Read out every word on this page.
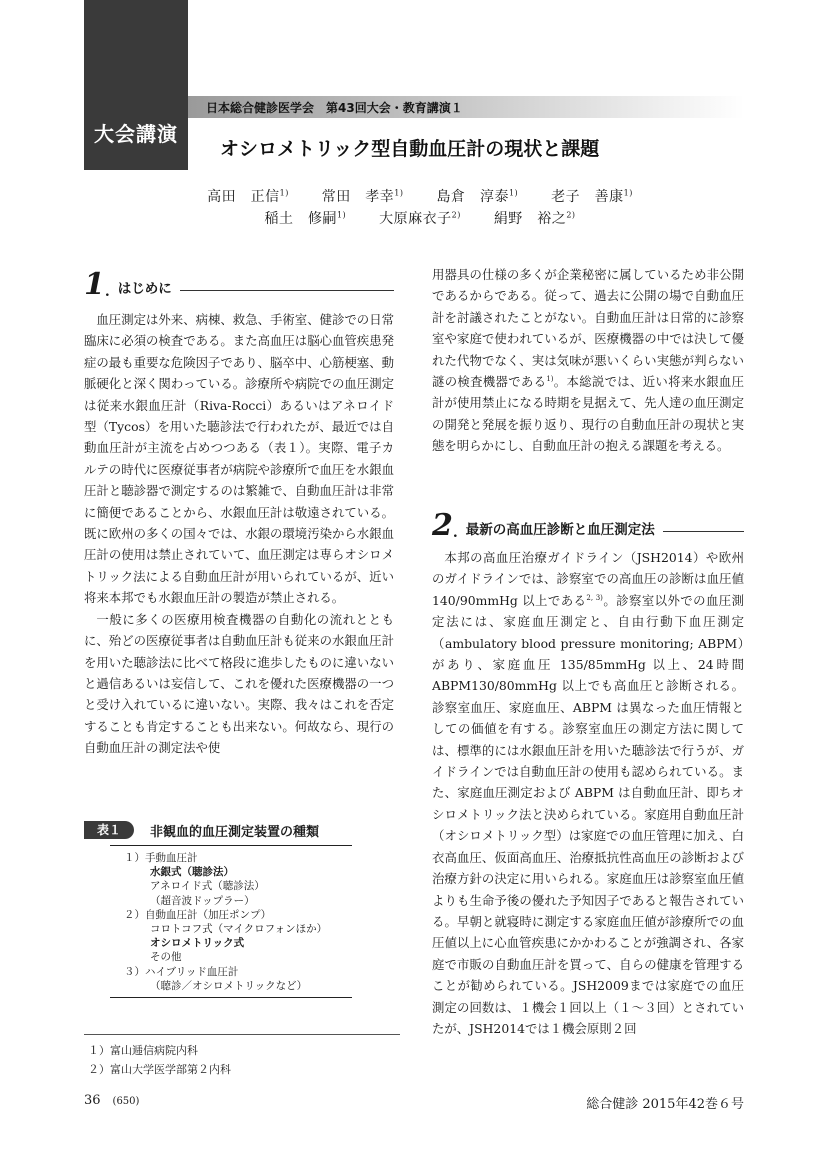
大会講演
日本総合健診医学会　第43回大会・教育講演１
オシロメトリック型自動血圧計の現状と課題
高田　正信$^{1)}$ 常田　孝幸$^{1)}$ 島倉　淳泰$^{1)}$ 老子　善康$^{1)}$
稲土　修嗣$^{1)}$ 大原麻衣子$^{2)}$ 絹野　裕之$^{2)}$
1 . はじめに

血圧測定は外来、病棟、救急、手術室、健診での日常臨床に必須の検査である。また高血圧は脳心血管疾患発症の最も重要な危険因子であり、脳卒中、心筋梗塞、動脈硬化と深く関わっている。診療所や病院での血圧測定は従来水銀血圧計（Riva-Rocci）あるいはアネロイド型（Tycos）を用いた聴診法で行われたが、最近では自動血圧計が主流を占めつつある（表１）。実際、電子カルテの時代に医療従事者が病院や診療所で血圧を水銀血圧計と聴診器で測定するのは繁雑で、自動血圧計は非常に簡便であることから、水銀血圧計は敬遠されている。既に欧州の多くの国々では、水銀の環境汚染から水銀血圧計の使用は禁止されていて、血圧測定は専らオシロメトリック法による自動血圧計が用いられているが、近い将来本邦でも水銀血圧計の製造が禁止される。

一般に多くの医療用検査機器の自動化の流れとともに、殆どの医療従事者は自動血圧計も従来の水銀血圧計を用いた聴診法に比べて格段に進歩したものに違いないと過信あるいは妄信して、これを優れた医療機器の一つと受け入れているに違いない。実際、我々はこれを否定することも肯定することも出来ない。何故なら、現行の自動血圧計の測定法や使

表１	非観血的血圧測定装置の種類
１）手動血圧計
水銀式（聴診法）
アネロイド式（聴診法）
（超音波ドップラー）
２）自動血圧計（加圧ポンプ）
コロトコフ式（マイクロフォンほか）
オシロメトリック式
その他
３）ハイブリッド血圧計
（聴診／オシロメトリックなど）
１）富山逓信病院内科
２）富山大学医学部第２内科

用器具の仕様の多くが企業秘密に属しているため非公開であるからである。従って、過去に公開の場で自動血圧計を討議されたことがない。自動血圧計は日常的に診察室や家庭で使われているが、医療機器の中では決して優れた代物でなく、実は気味が悪いくらい実態が判らない謎の検査機器である$^{1)}$。本総説では、近い将来水銀血圧計が使用禁止になる時期を見据えて、先人達の血圧測定の開発と発展を振り返り、現行の自動血圧計の現状と実態を明らかにし、自動血圧計の抱える課題を考える。

2 . 最新の高血圧診断と血圧測定法

本邦の高血圧治療ガイドライン（JSH2014）や欧州のガイドラインでは、診察室での高血圧の診断は血圧値 140/90mmHg 以上である$^{2, 3)}$。診察室以外での血圧測定法には、家庭血圧測定と、自由行動下血圧測定（ambulatory blood pressure monitoring; ABPM）があり、家庭血圧 135/85mmHg 以上、24時間 ABPM130/80mmHg 以上でも高血圧と診断される。診察室血圧、家庭血圧、ABPM は異なった血圧情報としての価値を有する。診察室血圧の測定方法に関しては、標準的には水銀血圧計を用いた聴診法で行うが、ガイドラインでは自動血圧計の使用も認められている。また、家庭血圧測定および ABPM は自動血圧計、即ちオシロメトリック法と決められている。家庭用自動血圧計（オシロメトリック型）は家庭での血圧管理に加え、白衣高血圧、仮面高血圧、治療抵抗性高血圧の診断および治療方針の決定に用いられる。家庭血圧は診察室血圧値よりも生命予後の優れた予知因子であると報告されている。早朝と就寝時に測定する家庭血圧値が診療所での血圧値以上に心血管疾患にかかわることが強調され、各家庭で市販の自動血圧計を買って、自らの健康を管理することが勧められている。JSH2009までは家庭での血圧測定の回数は、１機会１回以上（１～３回）とされていたが、JSH2014では１機会原則２回

36 (650)	総合健診 2015年42巻６号
